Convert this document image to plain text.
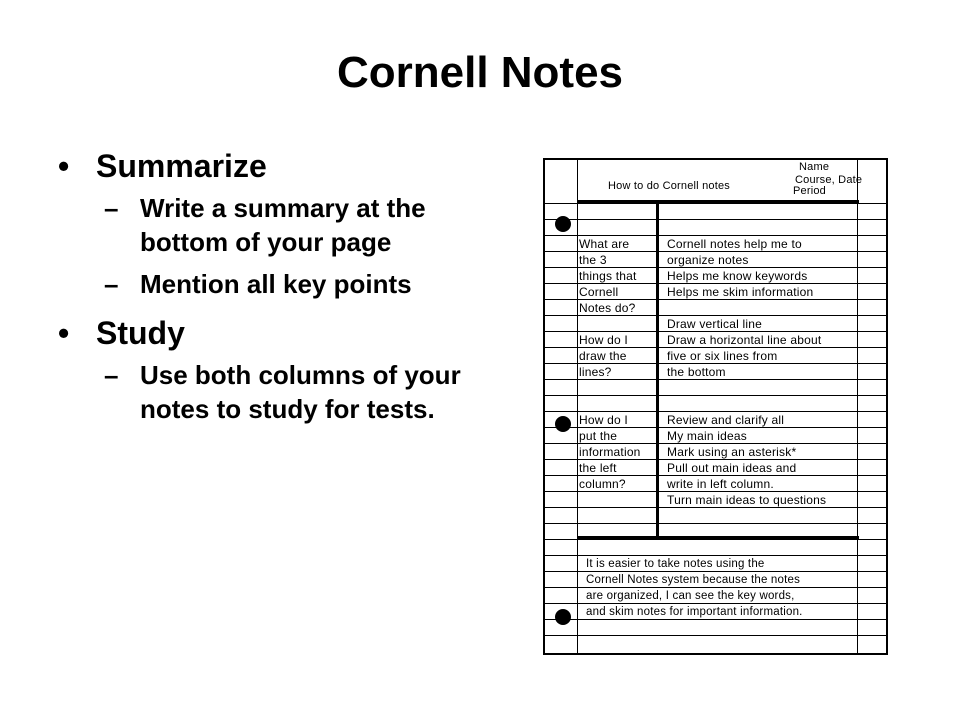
Cornell Notes
• Summarize
– Write a summary at the bottom of your page
– Mention all key points
• Study
– Use both columns of your notes to study for tests.
How to do Cornell notes
Name
Course, Date
Period
What are
the 3
things that
Cornell
Notes do?
Cornell notes help me to
organize notes
Helps me know keywords
Helps me skim information
How do I
draw the
lines?
Draw vertical line
Draw a horizontal line about
five or six lines from
the bottom
How do I
put the
information
the left
column?
Review and clarify all
My main ideas
Mark using an asterisk*
Pull out main ideas and
write in left column.
Turn main ideas to questions
It is easier to take notes using the
Cornell Notes system because the notes
are organized, I can see the key words,
and skim notes for important information.
